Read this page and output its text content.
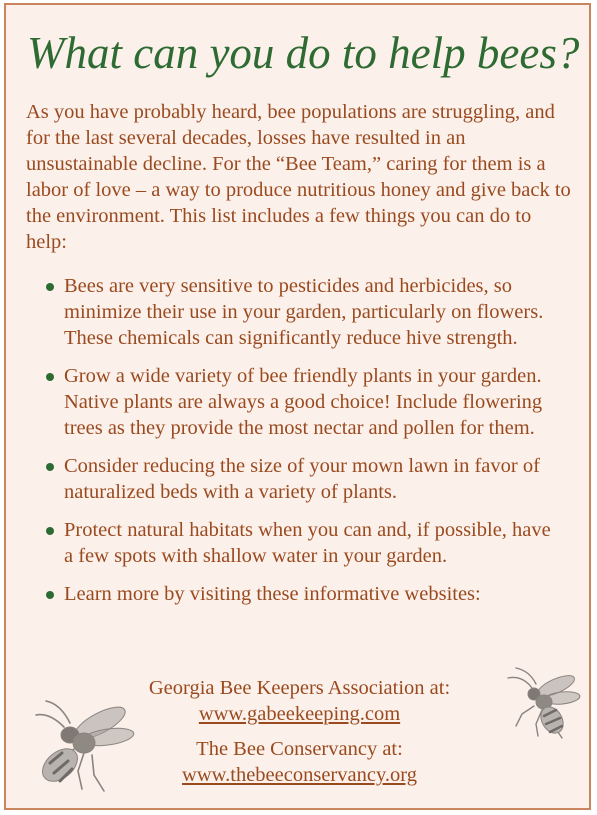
What can you do to help bees?

As you have probably heard, bee populations are struggling, and for the last several decades, losses have resulted in an unsustainable decline. For the “Bee Team,” caring for them is a labor of love – a way to produce nutritious honey and give back to the environment. This list includes a few things you can do to help:

Bees are very sensitive to pesticides and herbicides, so minimize their use in your garden, particularly on flowers. These chemicals can significantly reduce hive strength.
Grow a wide variety of bee friendly plants in your garden. Native plants are always a good choice! Include flowering trees as they provide the most nectar and pollen for them.
Consider reducing the size of your mown lawn in favor of naturalized beds with a variety of plants.
Protect natural habitats when you can and, if possible, have a few spots with shallow water in your garden.
Learn more by visiting these informative websites:
Georgia Bee Keepers Association at:
www.gabeekeeping.com
The Bee Conservancy at:
www.thebeeconservancy.org
